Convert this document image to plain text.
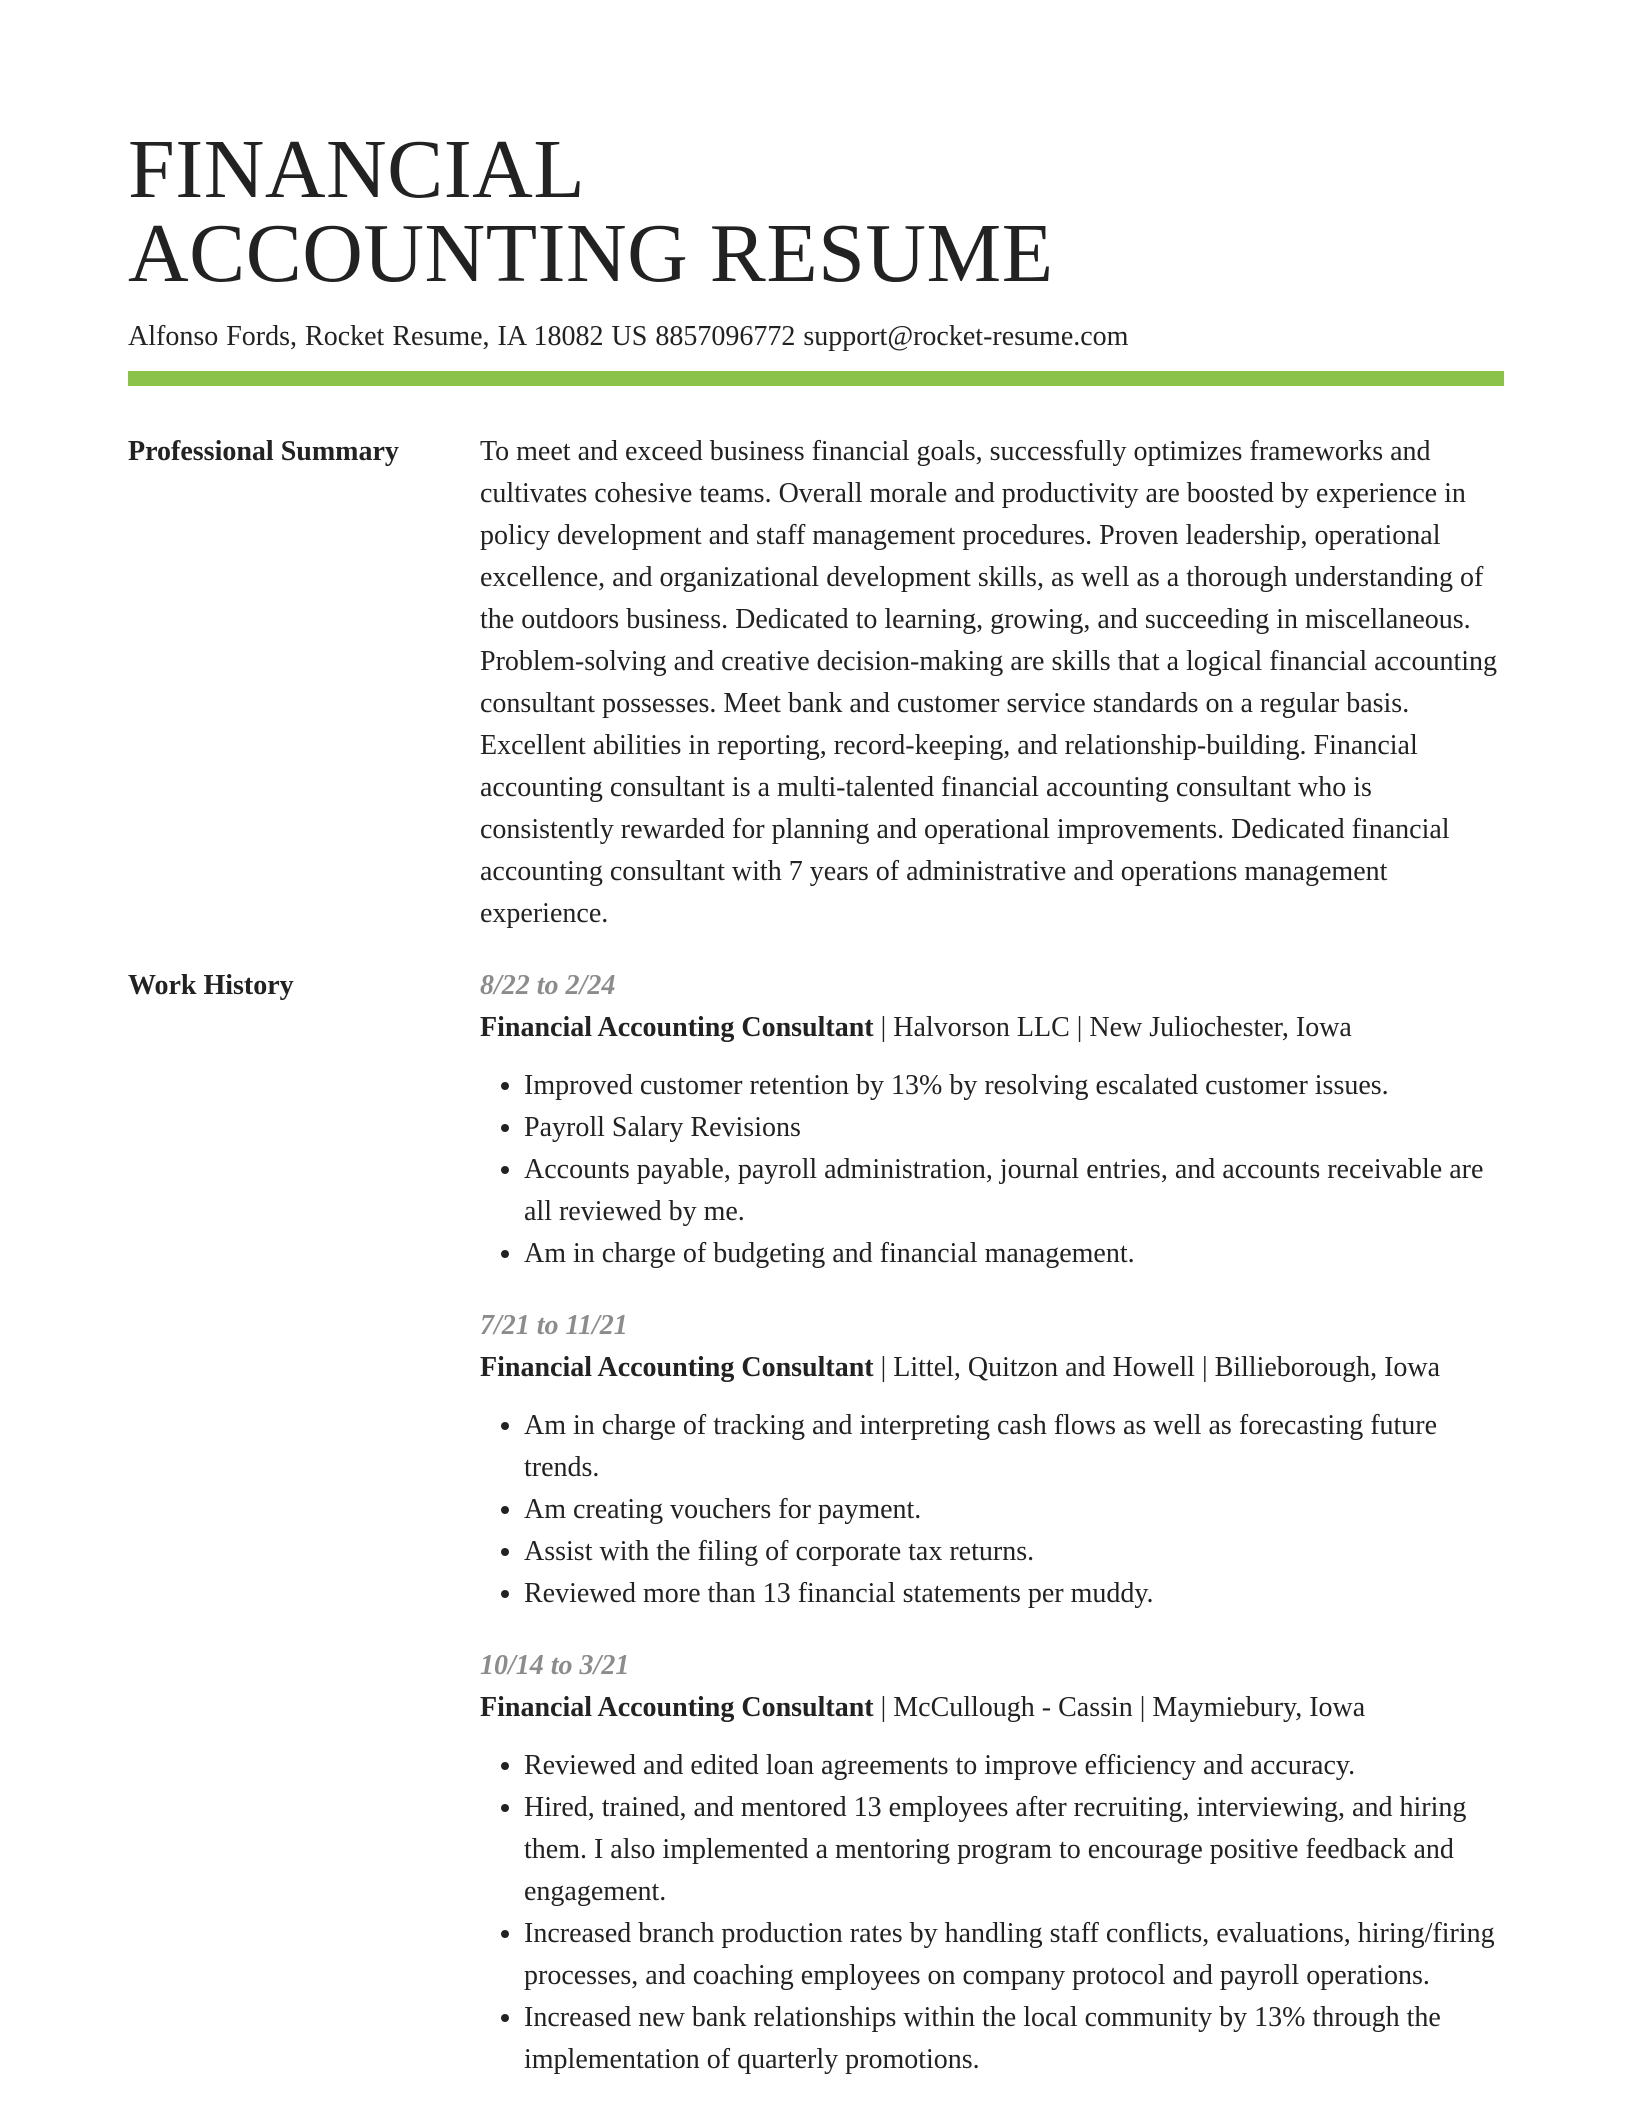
FINANCIAL
ACCOUNTING RESUME
Alfonso Fords, Rocket Resume, IA 18082 US 8857096772 support@rocket-resume.com
Professional Summary	To meet and exceed business financial goals, successfully optimizes frameworks and cultivates cohesive teams. Overall morale and productivity are boosted by experience in policy development and staff management procedures. Proven leadership, operational excellence, and organizational development skills, as well as a thorough understanding of the outdoors business. Dedicated to learning, growing, and succeeding in miscellaneous. Problem-solving and creative decision-making are skills that a logical financial accounting consultant possesses. Meet bank and customer service standards on a regular basis. Excellent abilities in reporting, record-keeping, and relationship-building. Financial accounting consultant is a multi-talented financial accounting consultant who is consistently rewarded for planning and operational improvements. Dedicated financial accounting consultant with 7 years of administrative and operations management experience.

Work History	8/22 to 2/24

Financial Accounting Consultant | Halvorson LLC | New Juliochester, Iowa

• Improved customer retention by 13% by resolving escalated customer issues.
• Payroll Salary Revisions
• Accounts payable, payroll administration, journal entries, and accounts receivable are all reviewed by me.
• Am in charge of budgeting and financial management.
7/21 to 11/21

Financial Accounting Consultant | Littel, Quitzon and Howell | Billieborough, Iowa

• Am in charge of tracking and interpreting cash flows as well as forecasting future trends.
• Am creating vouchers for payment.
• Assist with the filing of corporate tax returns.
• Reviewed more than 13 financial statements per muddy.
10/14 to 3/21

Financial Accounting Consultant | McCullough - Cassin | Maymiebury, Iowa

• Reviewed and edited loan agreements to improve efficiency and accuracy.
• Hired, trained, and mentored 13 employees after recruiting, interviewing, and hiring them. I also implemented a mentoring program to encourage positive feedback and engagement.
• Increased branch production rates by handling staff conflicts, evaluations, hiring/firing processes, and coaching employees on company protocol and payroll operations.
• Increased new bank relationships within the local community by 13% through the implementation of quarterly promotions.
